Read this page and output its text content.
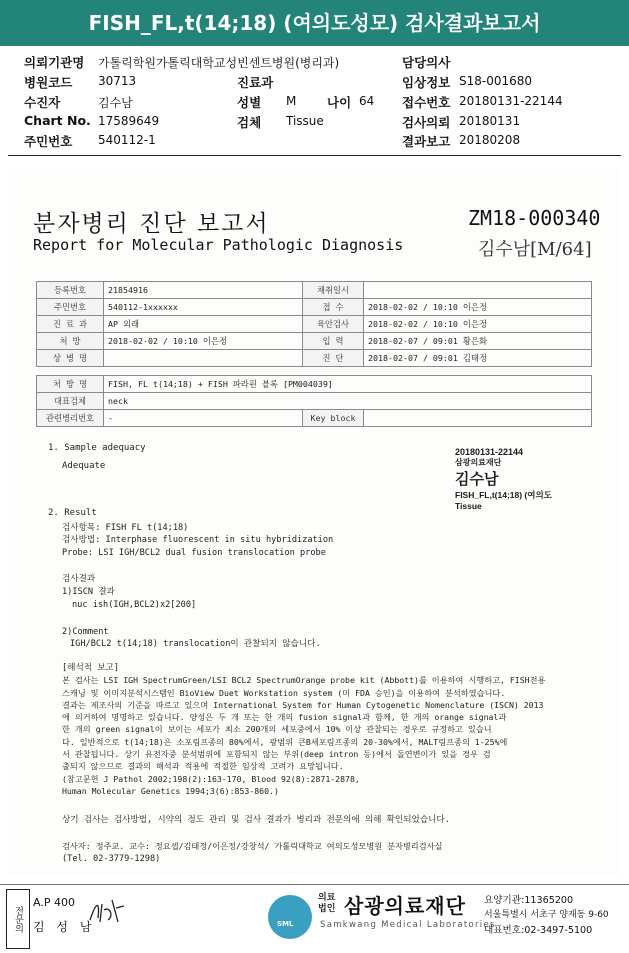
FISH_FL,t(14;18) (여의도성모) 검사결과보고서
의뢰기관명 가톨릭학원가톨릭대학교성빈센트병원(병리과)	담당의사
병원코드 30713	진료과	임상정보 S18-001680
수진자	김수남	성별 M 나이 64 접수번호 20180131-22144
Chart No. 17589649	검체 Tissue	검사의뢰 20180131
주민번호 540112-1	결과보고 20180208
분자병리 진단 보고서
Report for Molecular Pathologic Diagnosis
ZM18-000340
김수남[M/64]
등록번호	21854916	채취일시	
주민번호	540112-1xxxxxx	접 수	2018-02-02 / 10:10 이은정
진 료 과	AP 외래	육안검사	2018-02-02 / 10:10 이은정
처 방	2018-02-02 / 10:10 이은정	입 력	2018-02-07 / 09:01 황은화
상 병 명		진 단	2018-02-07 / 09:01 김태정
처 방 명	FISH, FL t(14;18) + FISH 파라핀 블록 [PM004039]		
대표검체	neck		
관련병리번호	-	Key block	
1. Sample adequacy
Adequate
20180131-22144
삼광의료재단
김수남
FISH_FL,t(14;18) (여의도
Tissue
2. Result
검사항목: FISH FL t(14;18)
검사방법: Interphase fluorescent in situ hybridization
Probe: LSI IGH/BCL2 dual fusion translocation probe
검사결과
1)ISCN 결과
nuc ish(IGH,BCL2)x2[200]
2)Comment
IGH/BCL2 t(14;18) translocation이 관찰되지 않습니다.
[해석적 보고]
본 검사는 LSI IGH SpectrumGreen/LSI BCL2 SpectrumOrange probe kit (Abbott)를 이용하여 시행하고, FISH전용
스캐닝 및 이미지분석시스템인 BioView Duet Workstation system (미 FDA 승인)을 이용하여 분석하였습니다.
결과는 제조사의 기준을 따르고 있으며 International System for Human Cytogenetic Nomenclature (ISCN) 2013
에 의거하여 명명하고 있습니다. 양성은 두 개 또는 한 개의 fusion signal과 함께, 한 개의 orange signal과
한 개의 green signal이 보이는 세포가 최소 200개의 세포중에서 10% 이상 관찰되는 경우로 규정하고 있습니
다. 일반적으로 t(14;18)은 소포림프종의 80%에서, 광범위 큰B세포림프종의 20-30%에서, MALT림프종의 1-25%에
서 관찰됩니다. 상기 유전자중 분석범위에 포함되지 않는 부위(deep intron 등)에서 돌연변이가 있을 경우 검
출되지 않으므로 결과의 해석과 적용에 적절한 임상적 고려가 요망됩니다.
(참고문헌 J Pathol 2002;198(2):163-170, Blood 92(8):2871-2878,
Human Molecular Genetics 1994;3(6):853-860.)
상기 검사는 검사방법, 시약의 정도 관리 및 검사 결과가 병리과 전문의에 의해 확인되었습니다.
검사자: 정주교. 교수: 정요셉/김태정/이은정/강창석/ 가톨릭대학교 여의도성모병원 분자병리검사실
(Tel. 02-3779-1298)
전문의
A.P 400
김 성 남	SML
의료
법인 삼광의료재단
Samkwang Medical Laboratories
요양기관:11365200
서울특별시 서초구 양재동 9-60
대표번호:02-3497-5100
